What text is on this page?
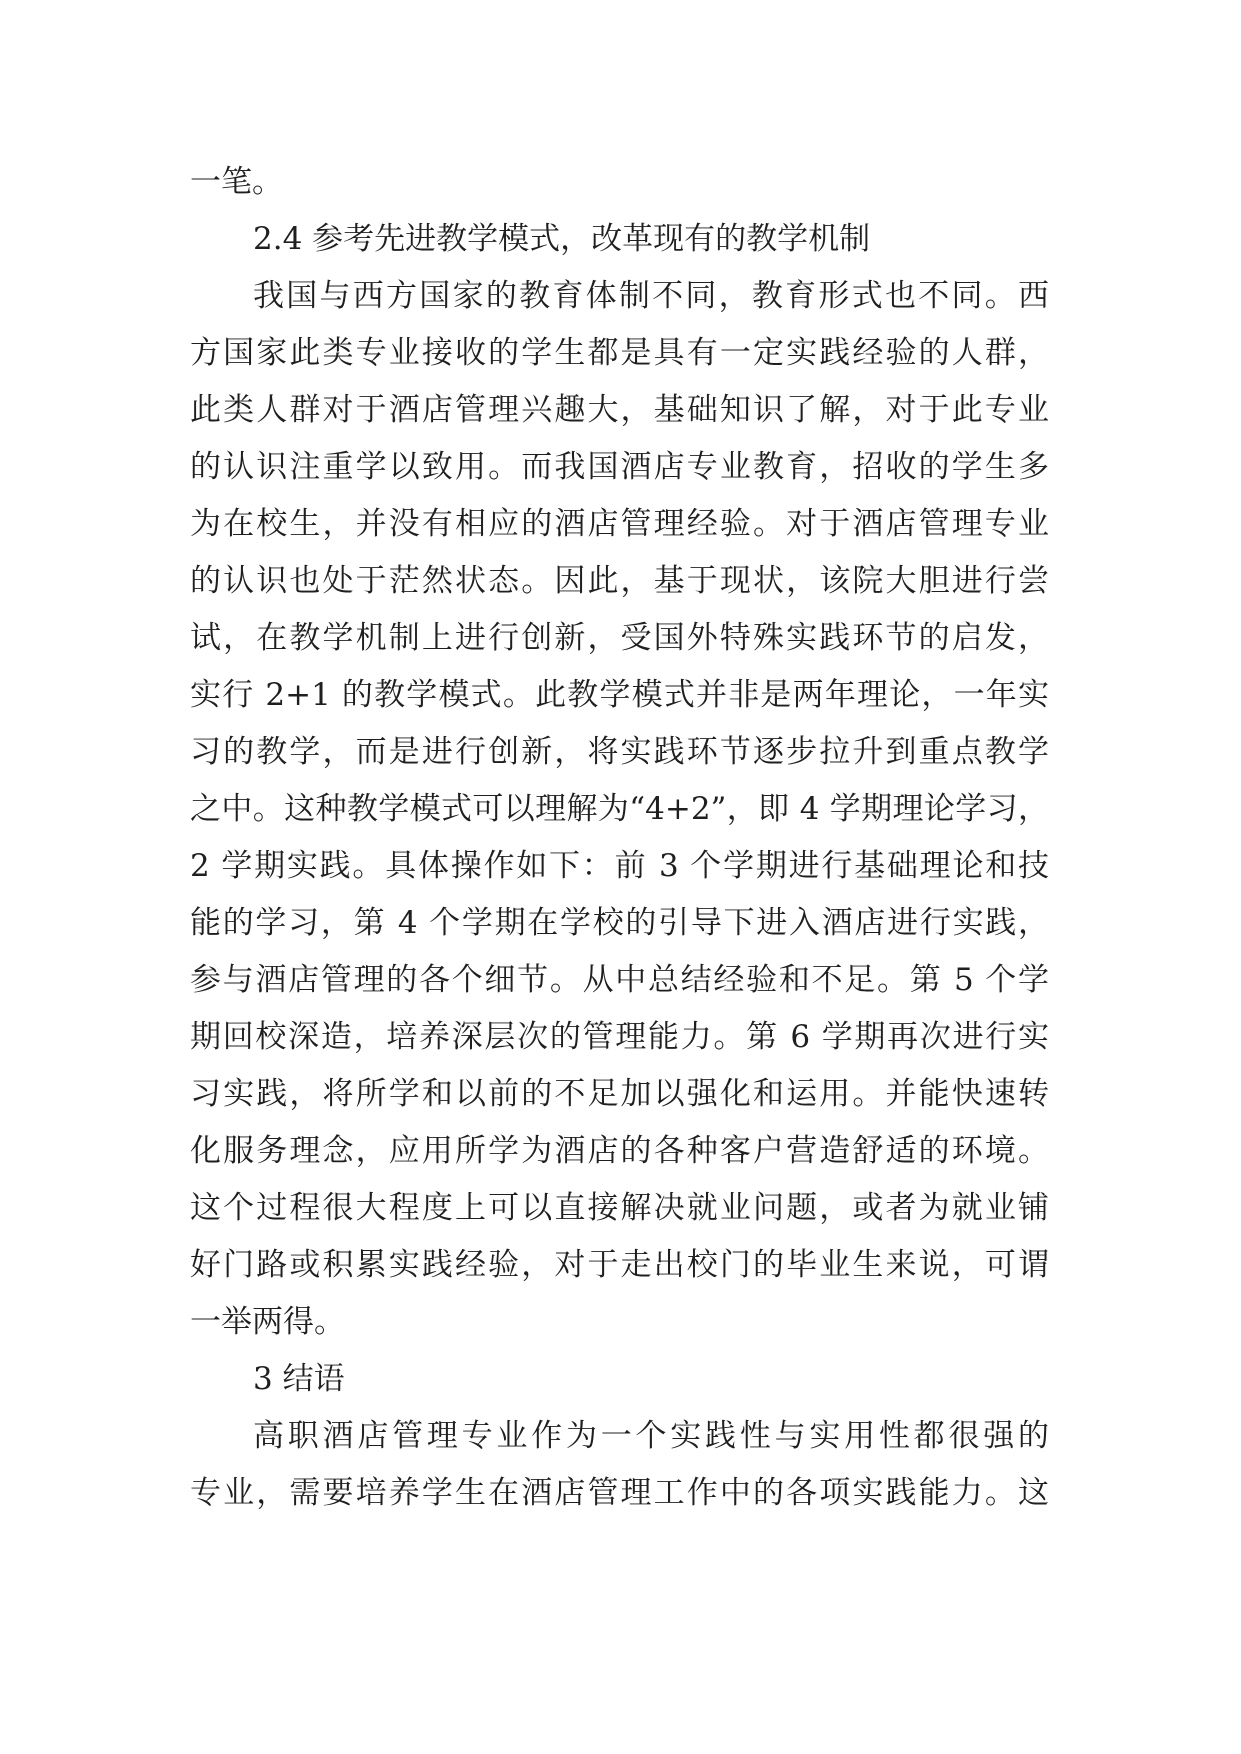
一笔。
2.4 参考先进教学模式，改革现有的教学机制
我国与西方国家的教育体制不同，教育形式也不同。西
方国家此类专业接收的学生都是具有一定实践经验的人群，
此类人群对于酒店管理兴趣大，基础知识了解，对于此专业
的认识注重学以致用。而我国酒店专业教育，招收的学生多
为在校生，并没有相应的酒店管理经验。对于酒店管理专业
的认识也处于茫然状态。因此，基于现状，该院大胆进行尝
试，在教学机制上进行创新，受国外特殊实践环节的启发，
实行 2+1 的教学模式。此教学模式并非是两年理论，一年实
习的教学，而是进行创新，将实践环节逐步拉升到重点教学
之中。这种教学模式可以理解为“4+2”，即 4 学期理论学习，
2 学期实践。具体操作如下：前 3 个学期进行基础理论和技
能的学习，第 4 个学期在学校的引导下进入酒店进行实践，
参与酒店管理的各个细节。从中总结经验和不足。第 5 个学
期回校深造，培养深层次的管理能力。第 6 学期再次进行实
习实践，将所学和以前的不足加以强化和运用。并能快速转
化服务理念，应用所学为酒店的各种客户营造舒适的环境。
这个过程很大程度上可以直接解决就业问题，或者为就业铺
好门路或积累实践经验，对于走出校门的毕业生来说，可谓
一举两得。
3 结语
高职酒店管理专业作为一个实践性与实用性都很强的
专业，需要培养学生在酒店管理工作中的各项实践能力。这
